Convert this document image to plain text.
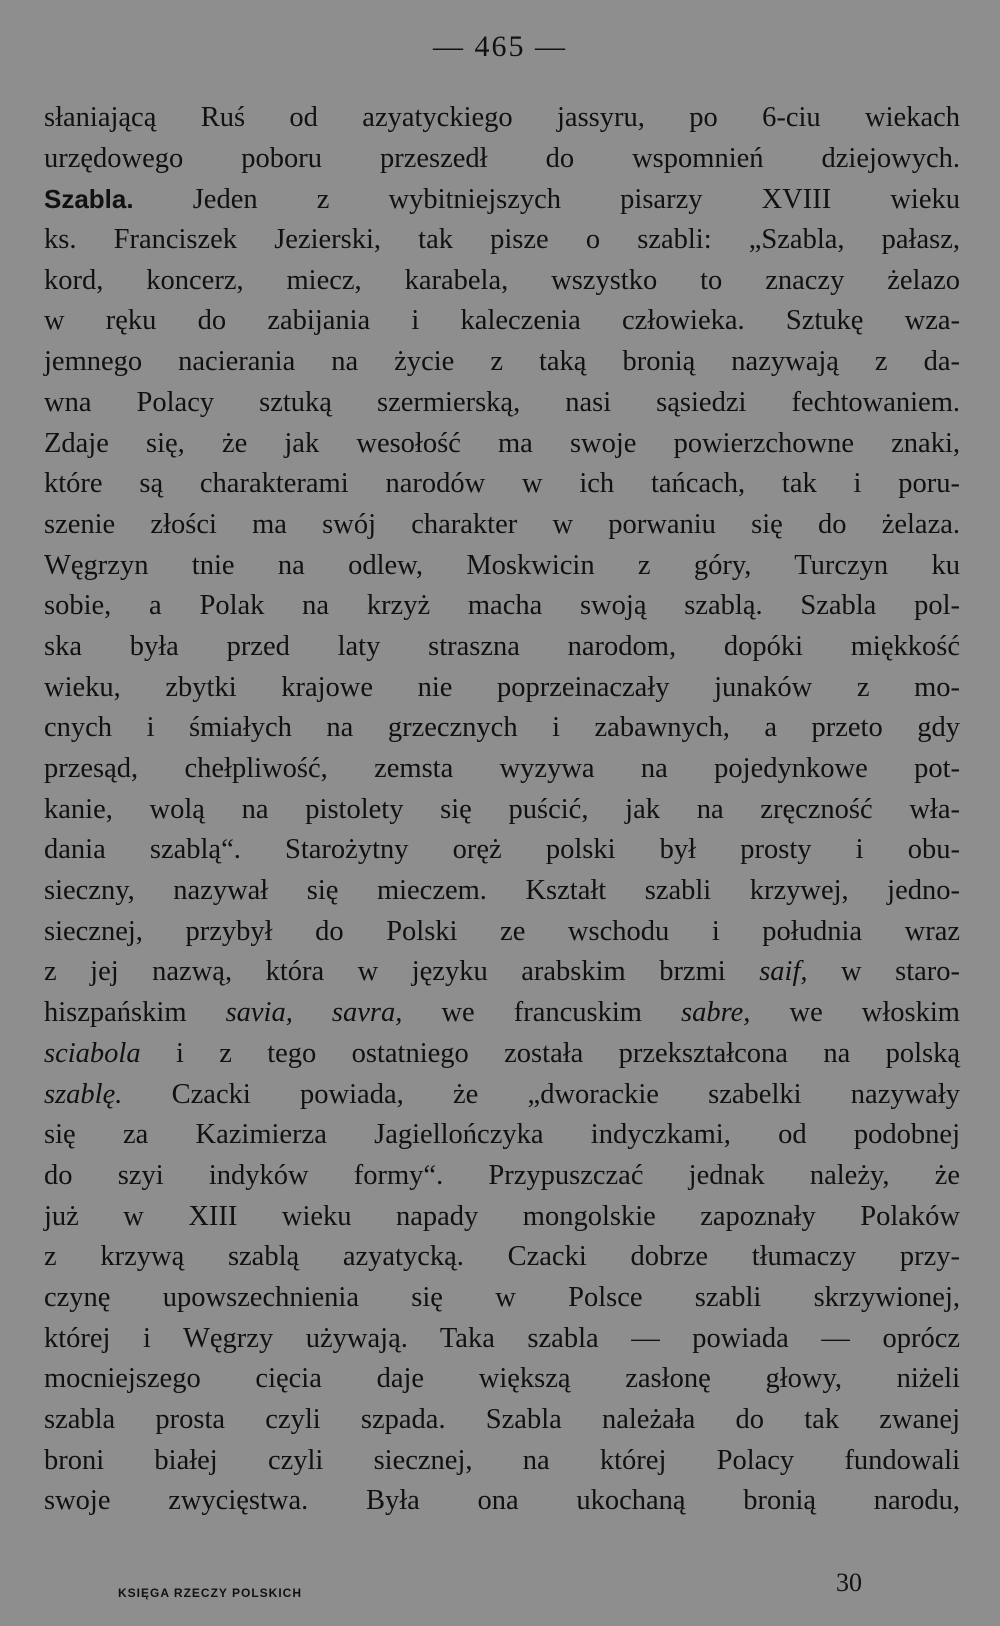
— 465 —
słaniającą Ruś od azyatyckiego jassyru, po 6-ciu wiekach
urzędowego poboru przeszedł do wspomnień dziejowych.
Szabla. Jeden z wybitniejszych pisarzy XVIII wieku
ks. Franciszek Jezierski, tak pisze o szabli: „Szabla, pałasz,
kord, koncerz, miecz, karabela, wszystko to znaczy żelazo
w ręku do zabijania i kaleczenia człowieka. Sztukę wza-
jemnego nacierania na życie z taką bronią nazywają z da-
wna Polacy sztuką szermierską, nasi sąsiedzi fechtowaniem.
Zdaje się, że jak wesołość ma swoje powierzchowne znaki,
które są charakterami narodów w ich tańcach, tak i poru-
szenie złości ma swój charakter w porwaniu się do żelaza.
Węgrzyn tnie na odlew, Moskwicin z góry, Turczyn ku
sobie, a Polak na krzyż macha swoją szablą. Szabla pol-
ska była przed laty straszna narodom, dopóki miękkość
wieku, zbytki krajowe nie poprzeinaczały junaków z mo-
cnych i śmiałych na grzecznych i zabawnych, a przeto gdy
przesąd, chełpliwość, zemsta wyzywa na pojedynkowe pot-
kanie, wolą na pistolety się puścić, jak na zręczność wła-
dania szablą“. Starożytny oręż polski był prosty i obu-
sieczny, nazywał się mieczem. Kształt szabli krzywej, jedno-
siecznej, przybył do Polski ze wschodu i południa wraz
z jej nazwą, która w języku arabskim brzmi saif, w staro-
hiszpańskim savia, savra, we francuskim sabre, we włoskim
sciabola i z tego ostatniego została przekształcona na polską
szablę. Czacki powiada, że „dworackie szabelki nazywały
się za Kazimierza Jagiellończyka indyczkami, od podobnej
do szyi indyków formy“. Przypuszczać jednak należy, że
już w XIII wieku napady mongolskie zapoznały Polaków
z krzywą szablą azyatycką. Czacki dobrze tłumaczy przy-
czynę upowszechnienia się w Polsce szabli skrzywionej,
której i Węgrzy używają. Taka szabla — powiada — oprócz
mocniejszego cięcia daje większą zasłonę głowy, niżeli
szabla prosta czyli szpada. Szabla należała do tak zwanej
broni białej czyli siecznej, na której Polacy fundowali
swoje zwycięstwa. Była ona ukochaną bronią narodu,
KSIĘGA RZECZY POLSKICH	30
